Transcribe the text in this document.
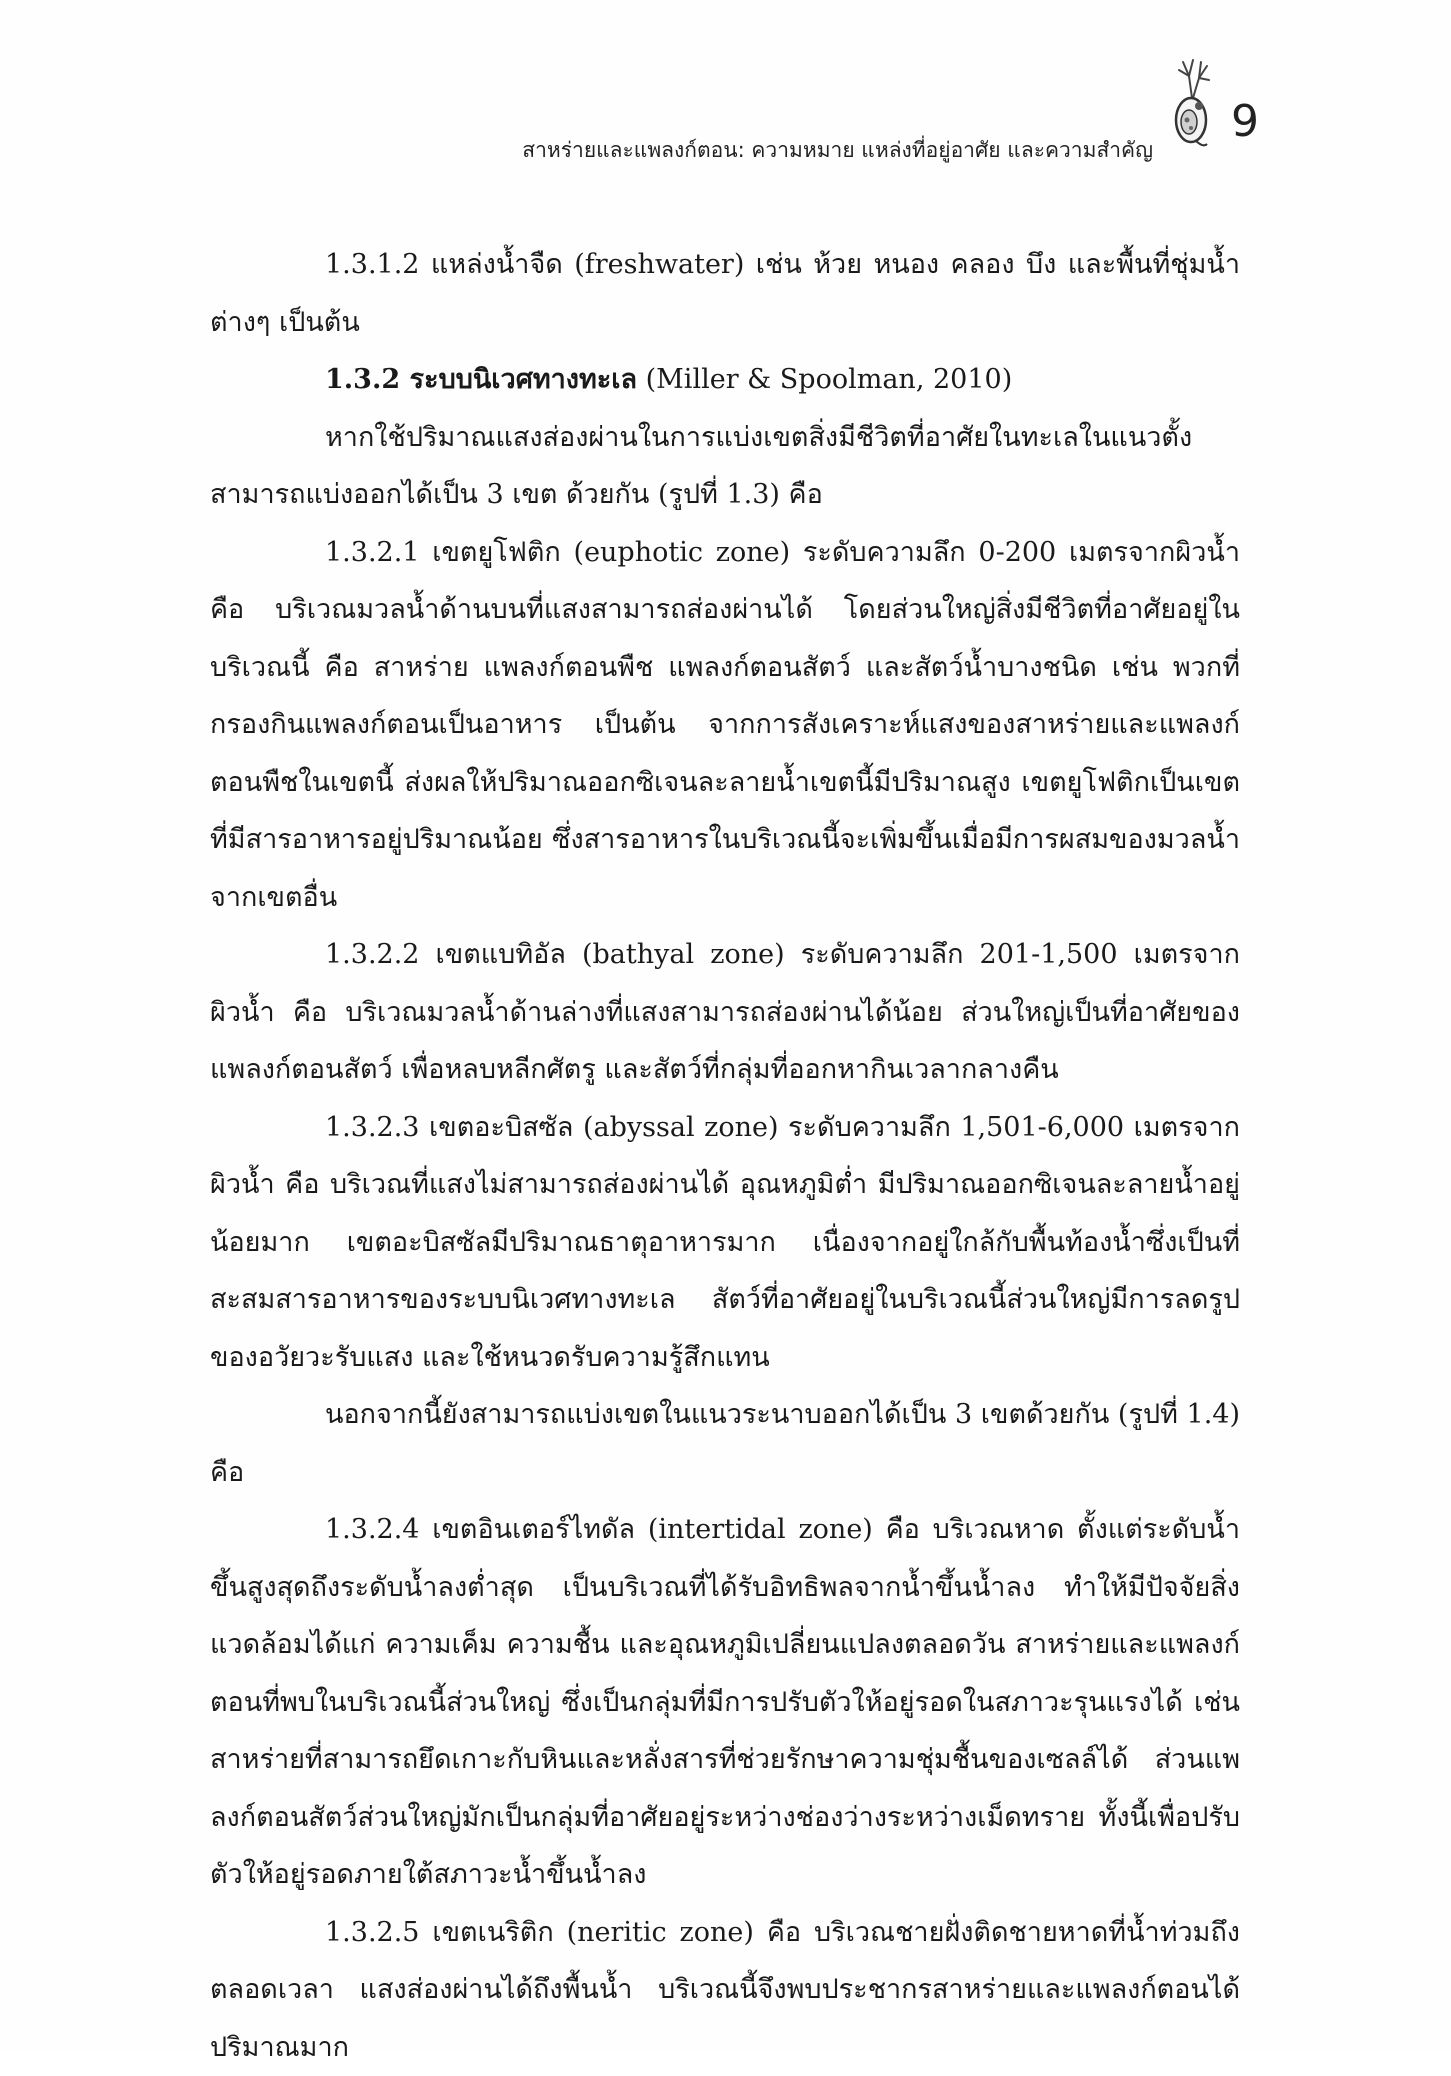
สาหร่ายและแพลงก์ตอน: ความหมาย แหล่งที่อยู่อาศัย และความสำคัญ
9

1.3.1.2 แหล่งน้ำจืด (freshwater) เช่น ห้วย หนอง คลอง บึง และพื้นที่ชุ่มน้ำต่างๆ เป็นต้น

1.3.2 ระบบนิเวศทางทะเล (Miller & Spoolman, 2010)

หากใช้ปริมาณแสงส่องผ่านในการแบ่งเขตสิ่งมีชีวิตที่อาศัยในทะเลในแนวตั้ง สามารถแบ่งออกได้เป็น 3 เขต ด้วยกัน (รูปที่ 1.3) คือ

1.3.2.1 เขตยูโฟติก (euphotic zone) ระดับความลึก 0-200 เมตรจากผิวน้ำ คือ บริเวณมวลน้ำด้านบนที่แสงสามารถส่องผ่านได้ โดยส่วนใหญ่สิ่งมีชีวิตที่อาศัยอยู่ในบริเวณนี้ คือ สาหร่าย แพลงก์ตอนพืช แพลงก์ตอนสัตว์ และสัตว์น้ำบางชนิด เช่น พวกที่กรองกินแพลงก์ตอนเป็นอาหาร เป็นต้น จากการสังเคราะห์แสงของสาหร่ายและแพลงก์ตอนพืชในเขตนี้ ส่งผลให้ปริมาณออกซิเจนละลายน้ำเขตนี้มีปริมาณสูง เขตยูโฟติกเป็นเขตที่มีสารอาหารอยู่ปริมาณน้อย ซึ่งสารอาหารในบริเวณนี้จะเพิ่มขึ้นเมื่อมีการผสมของมวลน้ำจากเขตอื่น

1.3.2.2 เขตแบทิอัล (bathyal zone) ระดับความลึก 201-1,500 เมตรจากผิวน้ำ คือ บริเวณมวลน้ำด้านล่างที่แสงสามารถส่องผ่านได้น้อย ส่วนใหญ่เป็นที่อาศัยของแพลงก์ตอนสัตว์ เพื่อหลบหลีกศัตรู และสัตว์ที่กลุ่มที่ออกหากินเวลากลางคืน

1.3.2.3 เขตอะบิสซัล (abyssal zone) ระดับความลึก 1,501-6,000 เมตรจากผิวน้ำ คือ บริเวณที่แสงไม่สามารถส่องผ่านได้ อุณหภูมิต่ำ มีปริมาณออกซิเจนละลายน้ำอยู่น้อยมาก เขตอะบิสซัลมีปริมาณธาตุอาหารมาก เนื่องจากอยู่ใกล้กับพื้นท้องน้ำซึ่งเป็นที่สะสมสารอาหารของระบบนิเวศทางทะเล สัตว์ที่อาศัยอยู่ในบริเวณนี้ส่วนใหญ่มีการลดรูปของอวัยวะรับแสง และใช้หนวดรับความรู้สึกแทน

นอกจากนี้ยังสามารถแบ่งเขตในแนวระนาบออกได้เป็น 3 เขตด้วยกัน (รูปที่ 1.4) คือ

1.3.2.4 เขตอินเตอร์ไทดัล (intertidal zone) คือ บริเวณหาด ตั้งแต่ระดับน้ำขึ้นสูงสุดถึงระดับน้ำลงต่ำสุด เป็นบริเวณที่ได้รับอิทธิพลจากน้ำขึ้นน้ำลง ทำให้มีปัจจัยสิ่งแวดล้อมได้แก่ ความเค็ม ความชื้น และอุณหภูมิเปลี่ยนแปลงตลอดวัน สาหร่ายและแพลงก์ตอนที่พบในบริเวณนี้ส่วนใหญ่ ซึ่งเป็นกลุ่มที่มีการปรับตัวให้อยู่รอดในสภาวะรุนแรงได้ เช่น สาหร่ายที่สามารถยึดเกาะกับหินและหลั่งสารที่ช่วยรักษาความชุ่มชื้นของเซลล์ได้ ส่วนแพลงก์ตอนสัตว์ส่วนใหญ่มักเป็นกลุ่มที่อาศัยอยู่ระหว่างช่องว่างระหว่างเม็ดทราย ทั้งนี้เพื่อปรับตัวให้อยู่รอดภายใต้สภาวะน้ำขึ้นน้ำลง

1.3.2.5 เขตเนริติก (neritic zone) คือ บริเวณชายฝั่งติดชายหาดที่น้ำท่วมถึงตลอดเวลา แสงส่องผ่านได้ถึงพื้นน้ำ บริเวณนี้จึงพบประชากรสาหร่ายและแพลงก์ตอนได้ปริมาณมาก
